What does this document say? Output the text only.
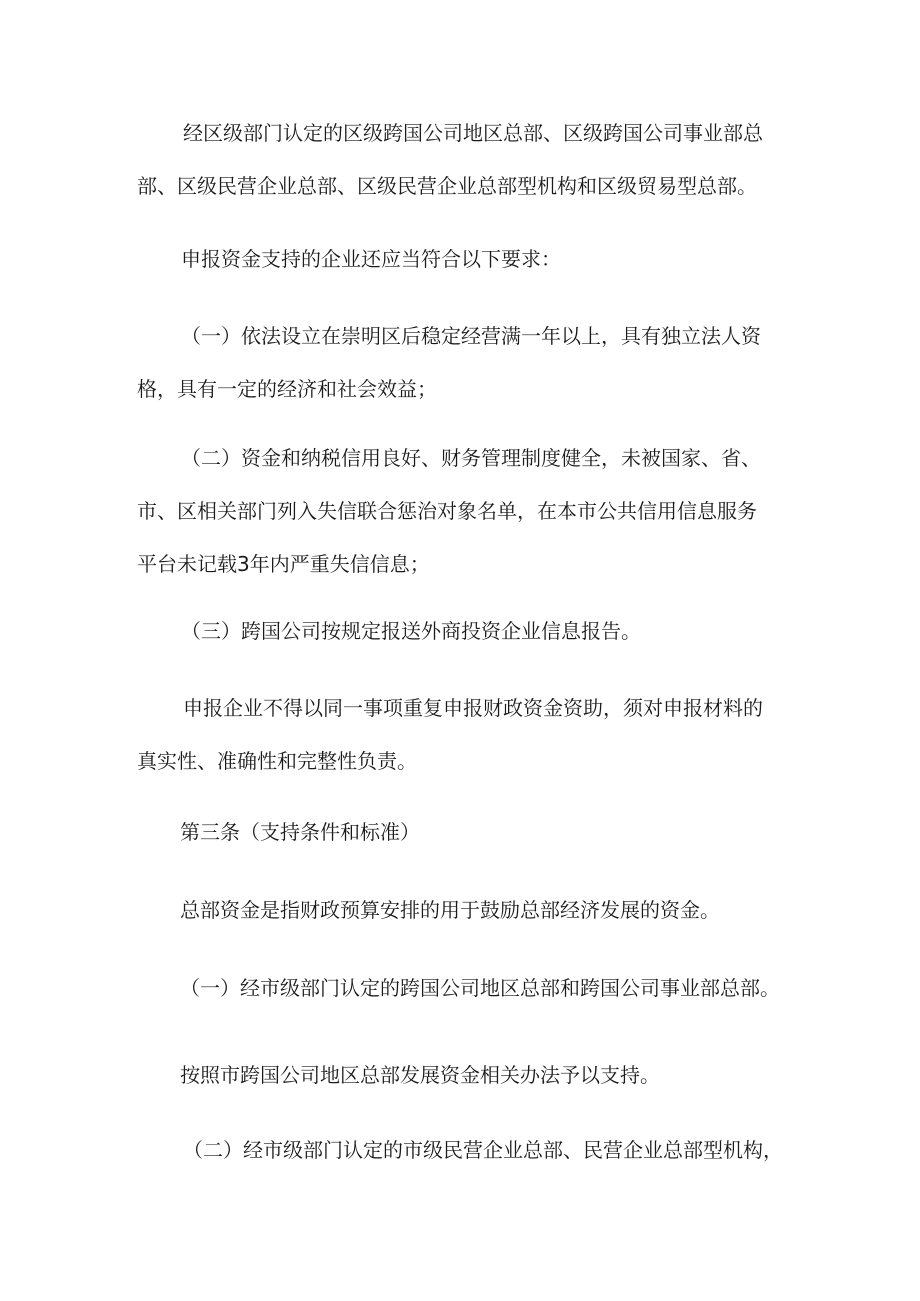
经区级部门认定的区级跨国公司地区总部、区级跨国公司事业部总
部、区级民营企业总部、区级民营企业总部型机构和区级贸易型总部。

申报资金支持的企业还应当符合以下要求：

（一）依法设立在崇明区后稳定经营满一年以上，具有独立法人资
格，具有一定的经济和社会效益；

（二）资金和纳税信用良好、财务管理制度健全，未被国家、省、
市、区相关部门列入失信联合惩治对象名单，在本市公共信用信息服务
平台未记载3年内严重失信信息；

（三）跨国公司按规定报送外商投资企业信息报告。

申报企业不得以同一事项重复申报财政资金资助，须对申报材料的
真实性、准确性和完整性负责。

第三条（支持条件和标准）

总部资金是指财政预算安排的用于鼓励总部经济发展的资金。

（一）经市级部门认定的跨国公司地区总部和跨国公司事业部总部。

按照市跨国公司地区总部发展资金相关办法予以支持。

（二）经市级部门认定的市级民营企业总部、民营企业总部型机构，
